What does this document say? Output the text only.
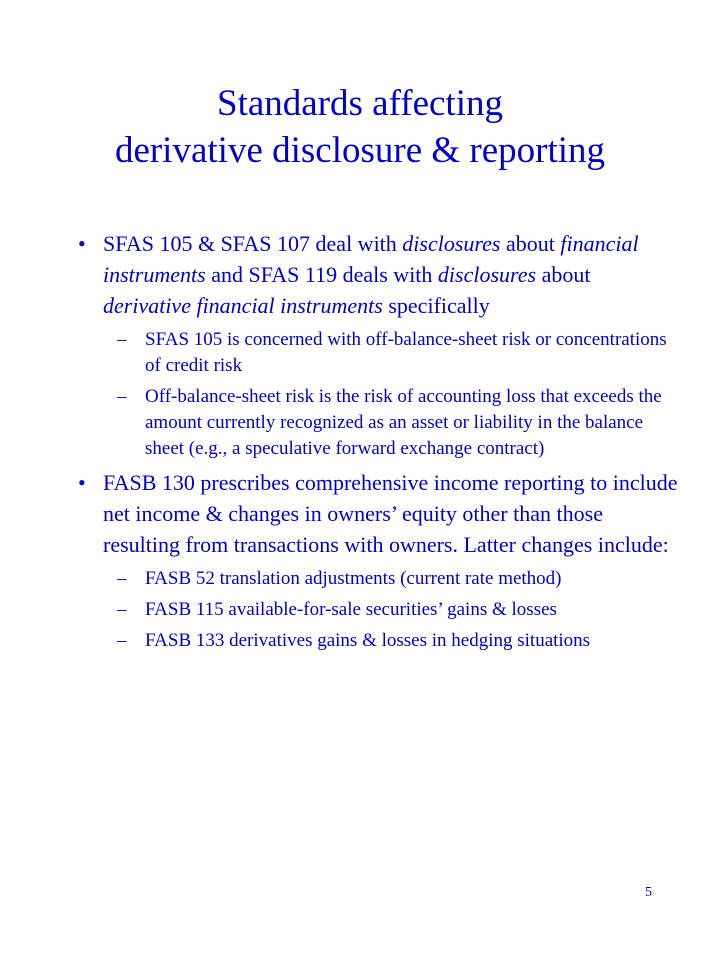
Standards affecting
derivative disclosure & reporting
• SFAS 105 & SFAS 107 deal with disclosures about financial instruments and SFAS 119 deals with disclosures about derivative financial instruments specifically
– SFAS 105 is concerned with off-balance-sheet risk or concentrations of credit risk
– Off-balance-sheet risk is the risk of accounting loss that exceeds the amount currently recognized as an asset or liability in the balance sheet (e.g., a speculative forward exchange contract)
• FASB 130 prescribes comprehensive income reporting to include net income & changes in owners’ equity other than those resulting from transactions with owners. Latter changes include:
– FASB 52 translation adjustments (current rate method)
– FASB 115 available-for-sale securities’ gains & losses
– FASB 133 derivatives gains & losses in hedging situations
5
